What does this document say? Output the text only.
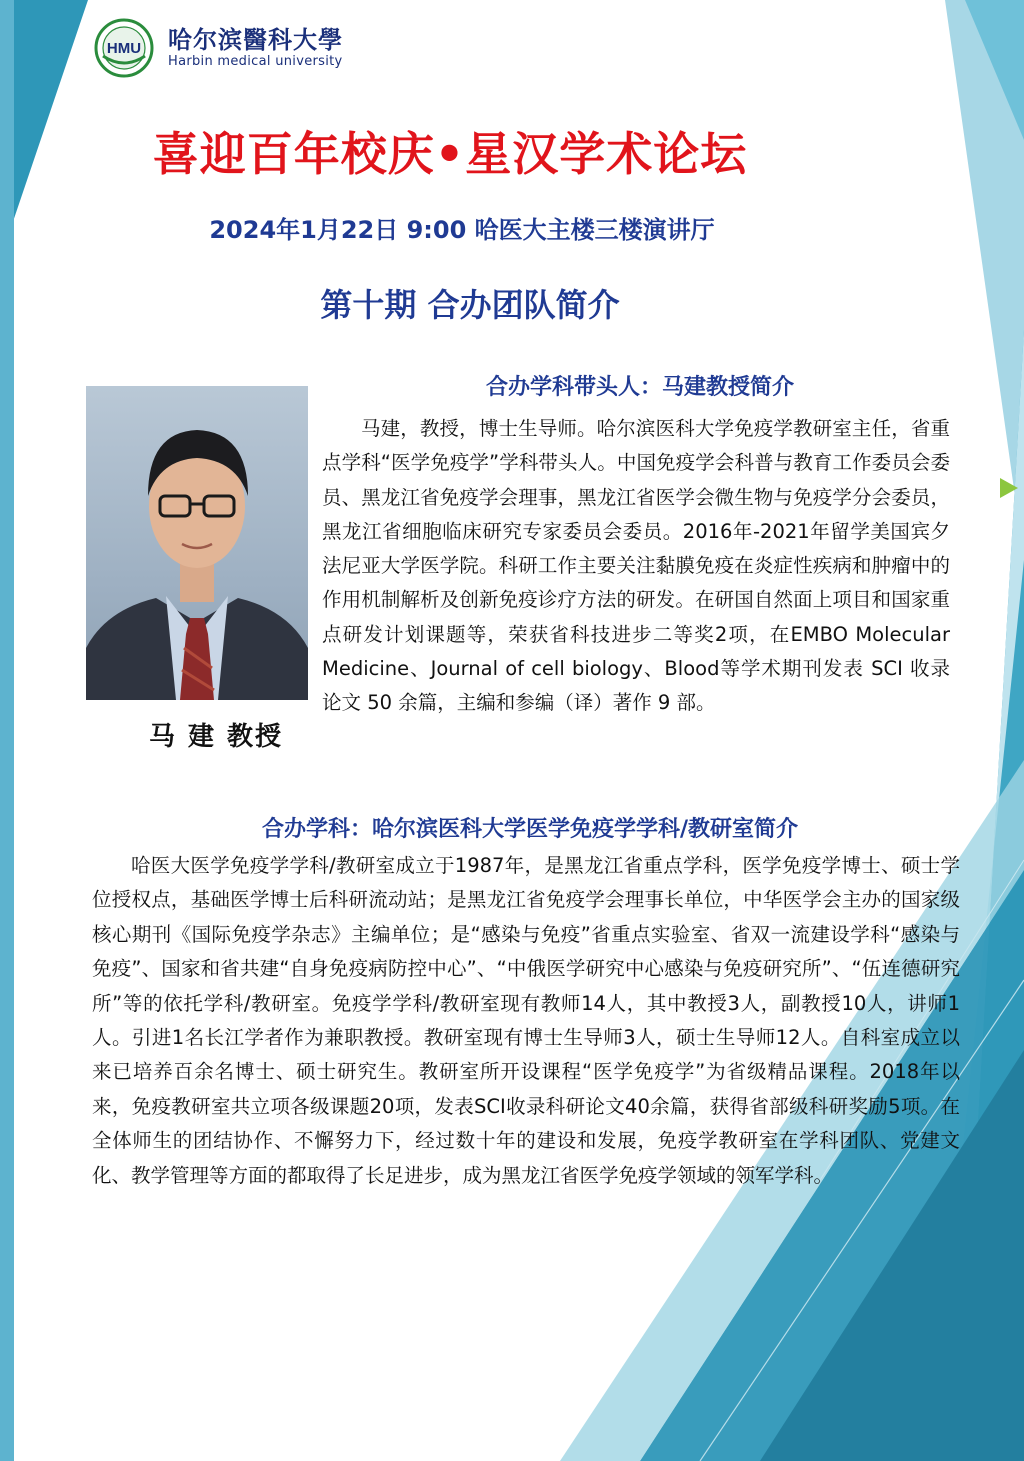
HMU 哈尔滨醫科大學
Harbin medical university
喜迎百年校庆•星汉学术论坛
2024年1月22日 9:00 哈医大主楼三楼演讲厅
第十期 合办团队简介
合办学科带头人：马建教授简介
马 建 教授

马建，教授，博士生导师。哈尔滨医科大学免疫学教研室主任，省重点学科“医学免疫学”学科带头人。中国免疫学会科普与教育工作委员会委员、黑龙江省免疫学会理事，黑龙江省医学会微生物与免疫学分会委员，黑龙江省细胞临床研究专家委员会委员。2016年-2021年留学美国宾夕法尼亚大学医学院。科研工作主要关注黏膜免疫在炎症性疾病和肿瘤中的作用机制解析及创新免疫诊疗方法的研发。在研国自然面上项目和国家重点研发计划课题等，荣获省科技进步二等奖2项，在EMBO Molecular Medicine、Journal of cell biology、Blood等学术期刊发表 SCI 收录论文 50 余篇，主编和参编（译）著作 9 部。

合办学科：哈尔滨医科大学医学免疫学学科/教研室简介

哈医大医学免疫学学科/教研室成立于1987年，是黑龙江省重点学科，医学免疫学博士、硕士学位授权点，基础医学博士后科研流动站；是黑龙江省免疫学会理事长单位，中华医学会主办的国家级核心期刊《国际免疫学杂志》主编单位；是“感染与免疫”省重点实验室、省双一流建设学科“感染与免疫”、国家和省共建“自身免疫病防控中心”、“中俄医学研究中心感染与免疫研究所”、“伍连德研究所”等的依托学科/教研室。免疫学学科/教研室现有教师14人，其中教授3人，副教授10人，讲师1人。引进1名长江学者作为兼职教授。教研室现有博士生导师3人，硕士生导师12人。自科室成立以来已培养百余名博士、硕士研究生。教研室所开设课程“医学免疫学”为省级精品课程。2018年以来，免疫教研室共立项各级课题20项，发表SCI收录科研论文40余篇，获得省部级科研奖励5项。在全体师生的团结协作、不懈努力下，经过数十年的建设和发展，免疫学教研室在学科团队、党建文化、教学管理等方面的都取得了长足进步，成为黑龙江省医学免疫学领域的领军学科。
